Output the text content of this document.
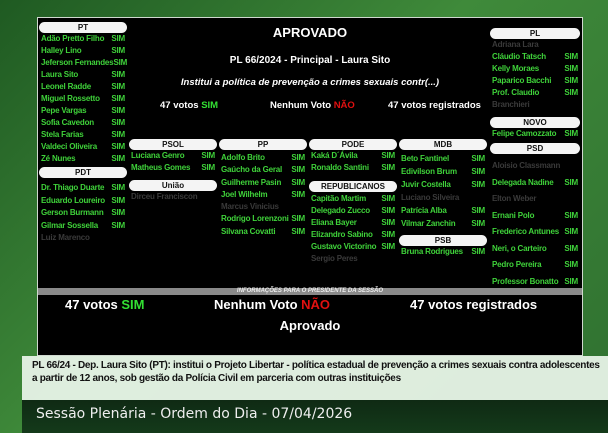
APROVADO
PL 66/2024 - Principal - Laura Sito
Institui a política de prevenção a crimes sexuais contr(...)
47 votos SIM	Nenhum Voto NÃO	47 votos registrados
PT
Adão Pretto Filho SIM
Halley Lino	SIM
Jeferson Fernandes SIM
Laura Sito	SIM
Leonel Radde	SIM
Miguel Rossetto SIM
Pepe Vargas	SIM
Sofia Cavedon SIM
Stela Farias	SIM
Valdeci Oliveira SIM
Zé Nunes	SIM
PDT
Dr. Thiago Duarte SIM
Eduardo Loureiro SIM
Gerson Burmann SIM
Gilmar Sossella SIM
Luiz Marenco
PSOL
Luciana Genro SIM
Matheus Gomes SIM
União
Dirceu Franciscon
PP
Adolfo Brito	SIM
Gaúcho da Geral SIM
Guilherme Pasin SIM
Joel Wilhelm	SIM
Marcus Vinicius
Rodrigo Lorenzoni SIM
Silvana Covatti SIM
PODE
Kaká D´Ávila	SIM
Ronaldo Santini SIM
REPUBLICANOS
Capitão Martim SIM
Delegado Zucco SIM
Eliana Bayer	SIM
Elizandro Sabino SIM
Gustavo Victorino SIM
Sergio Peres
MDB
Beto Fantinel	SIM
Edivilson Brum SIM
Juvir Costella	SIM
Luciano Silveira
Patrícia Alba	SIM
Vilmar Zanchin SIM
PSB
Bruna Rodrigues SIM
PL
Adriana Lara
Cláudio Tatsch SIM
Kelly Moraes	SIM
Paparico Bacchi SIM
Prof. Claudio	SIM
Branchieri
NOVO
Felipe Camozzato SIM
PSD
Aloisio Classmann
Delegada Nadine SIM
Elton Weber
Ernani Polo	SIM
Frederico Antunes SIM
Neri, o Carteiro SIM
Pedro Pereira	SIM
Professor Bonatto SIM
INFORMAÇÕES PARA O PRESIDENTE DA SESSÃO
47 votos SIM	Nenhum Voto NÃO	47 votos registrados
Aprovado
PL 66/24 - Dep. Laura Sito (PT): institui o Projeto Libertar - política estadual de prevenção a crimes sexuais contra adolescentes a partir de 12 anos, sob gestão da Polícia Civil em parceria com outras instituições
Sessão Plenária - Ordem do Dia - 07/04/2026
